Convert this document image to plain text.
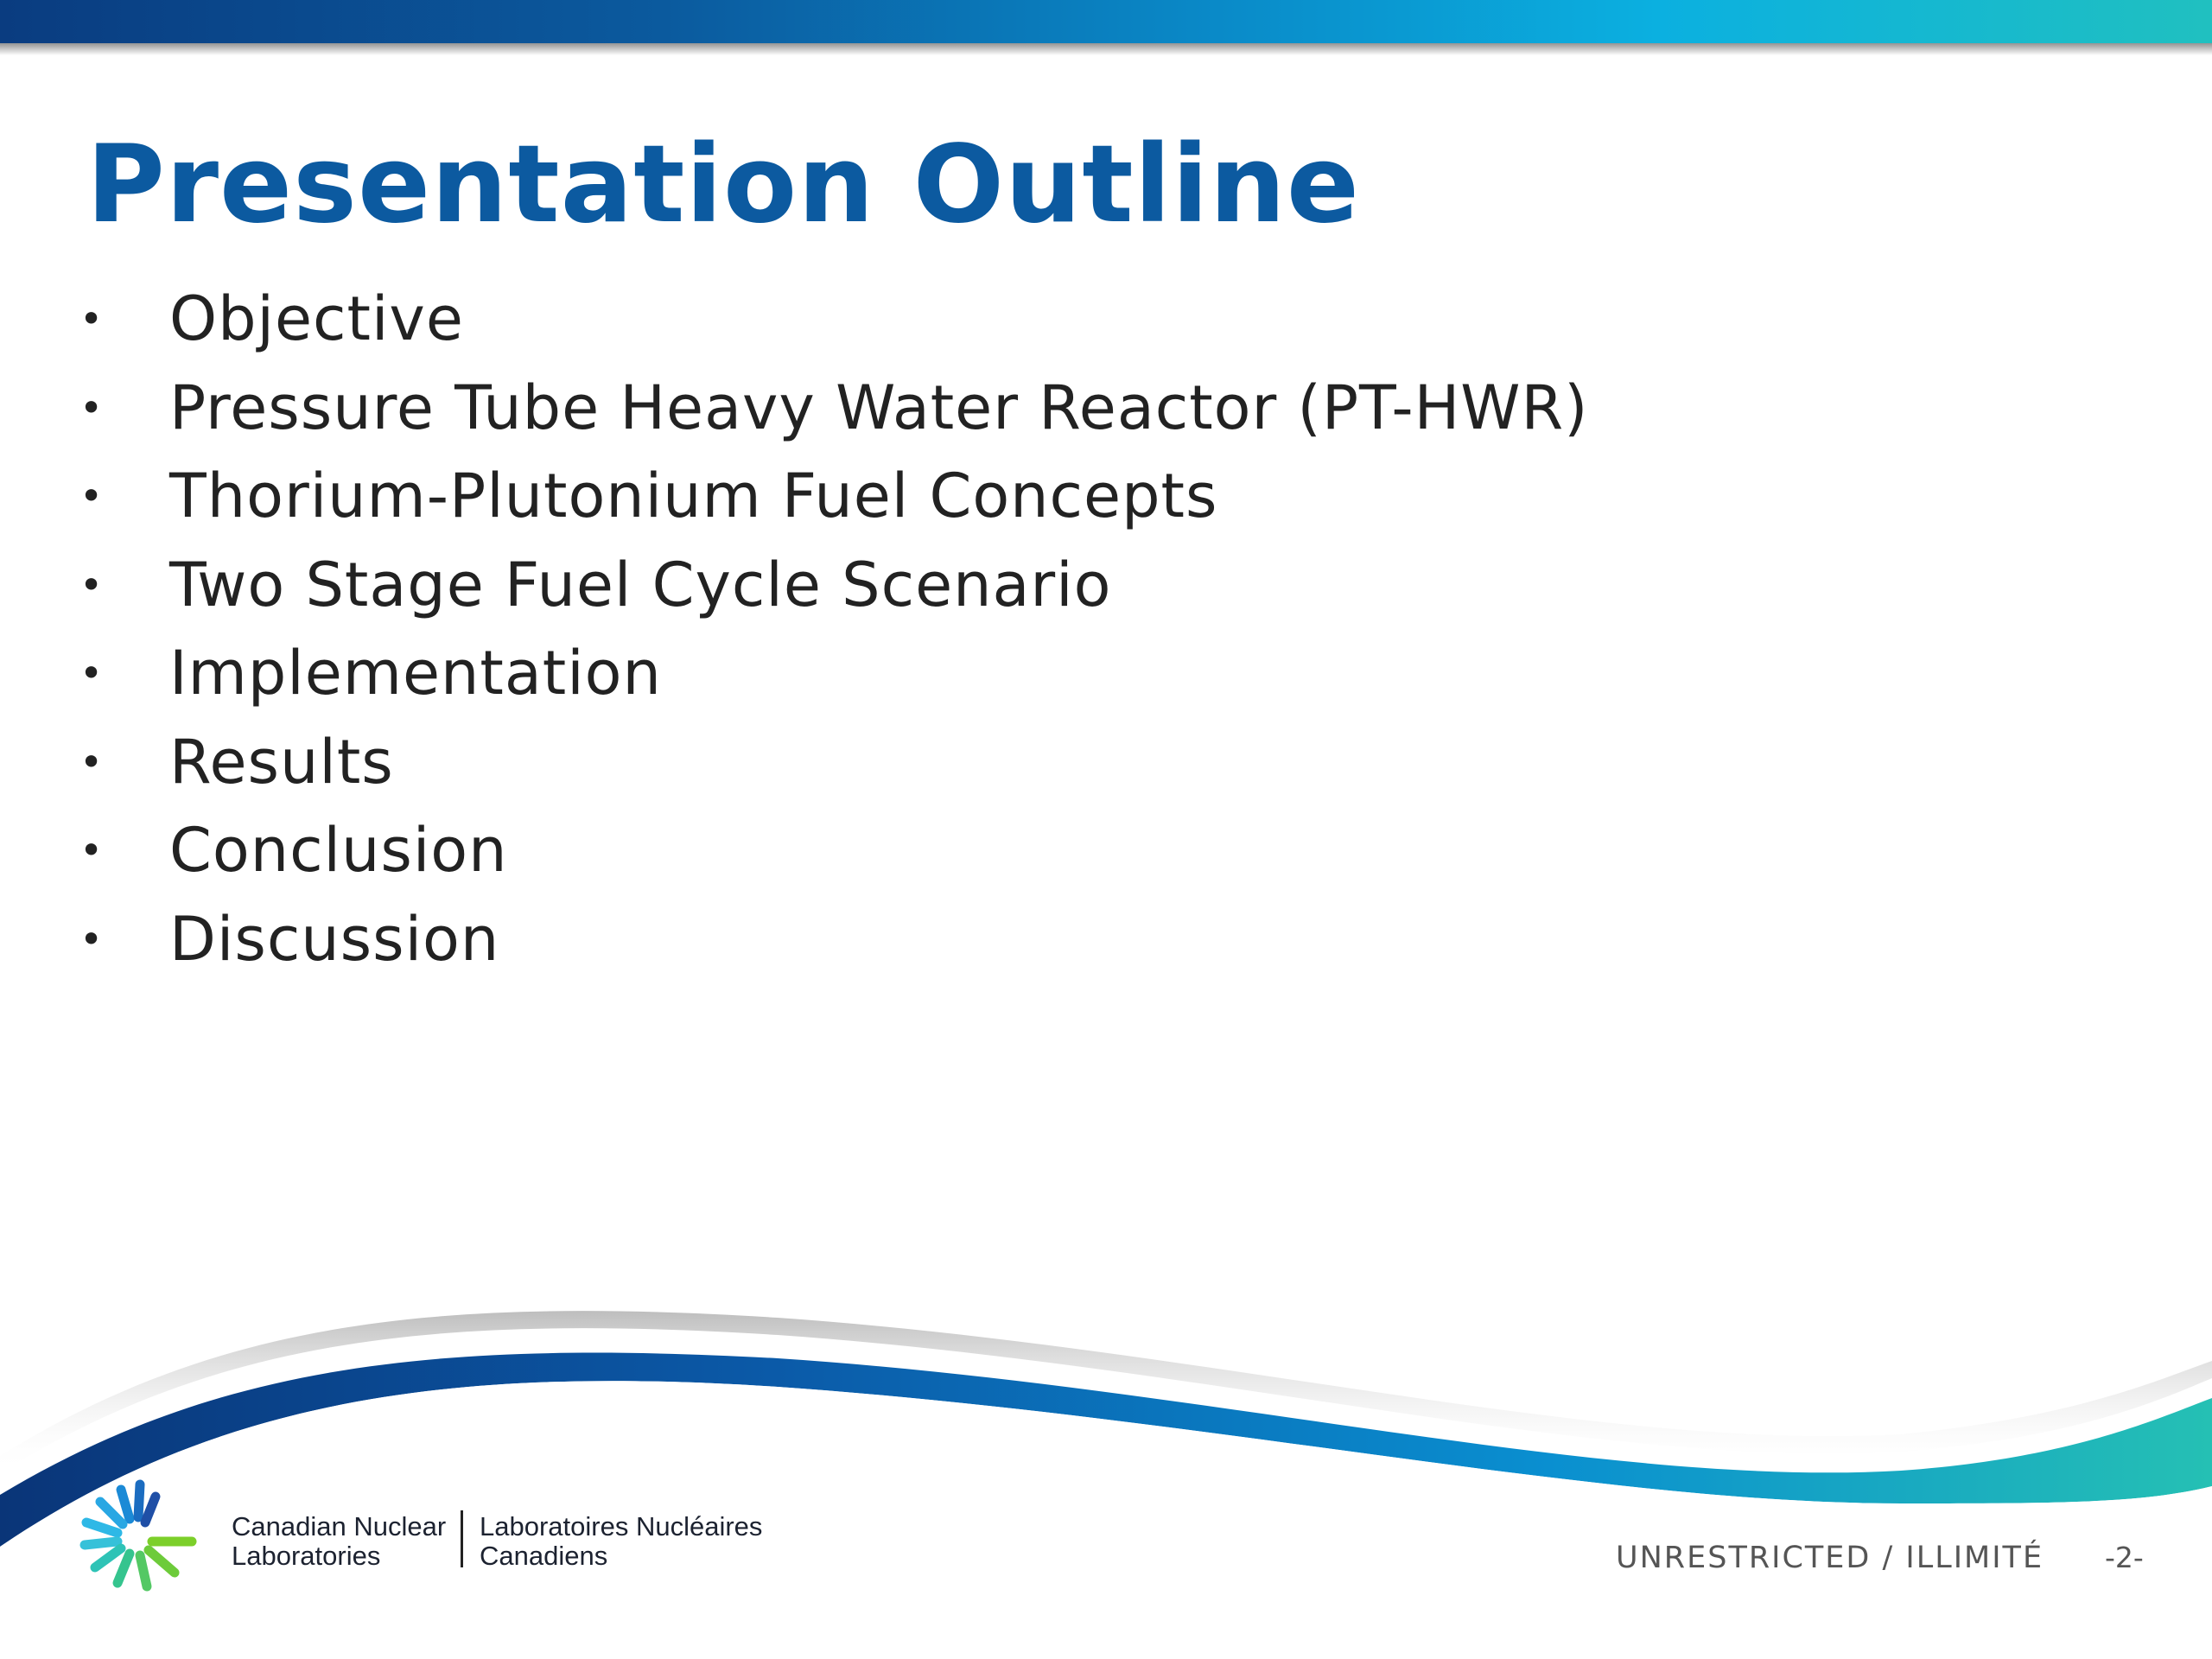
Presentation Outline
•	Objective
•	Pressure Tube Heavy Water Reactor (PT-HWR)
•	Thorium-Plutonium Fuel Concepts
•	Two Stage Fuel Cycle Scenario
•	Implementation
•	Results
•	Conclusion
•	Discussion
Canadian Nuclear
Laboratories
Laboratoires Nucléaires
Canadiens	UNRESTRICTED / ILLIMITÉ -2-
